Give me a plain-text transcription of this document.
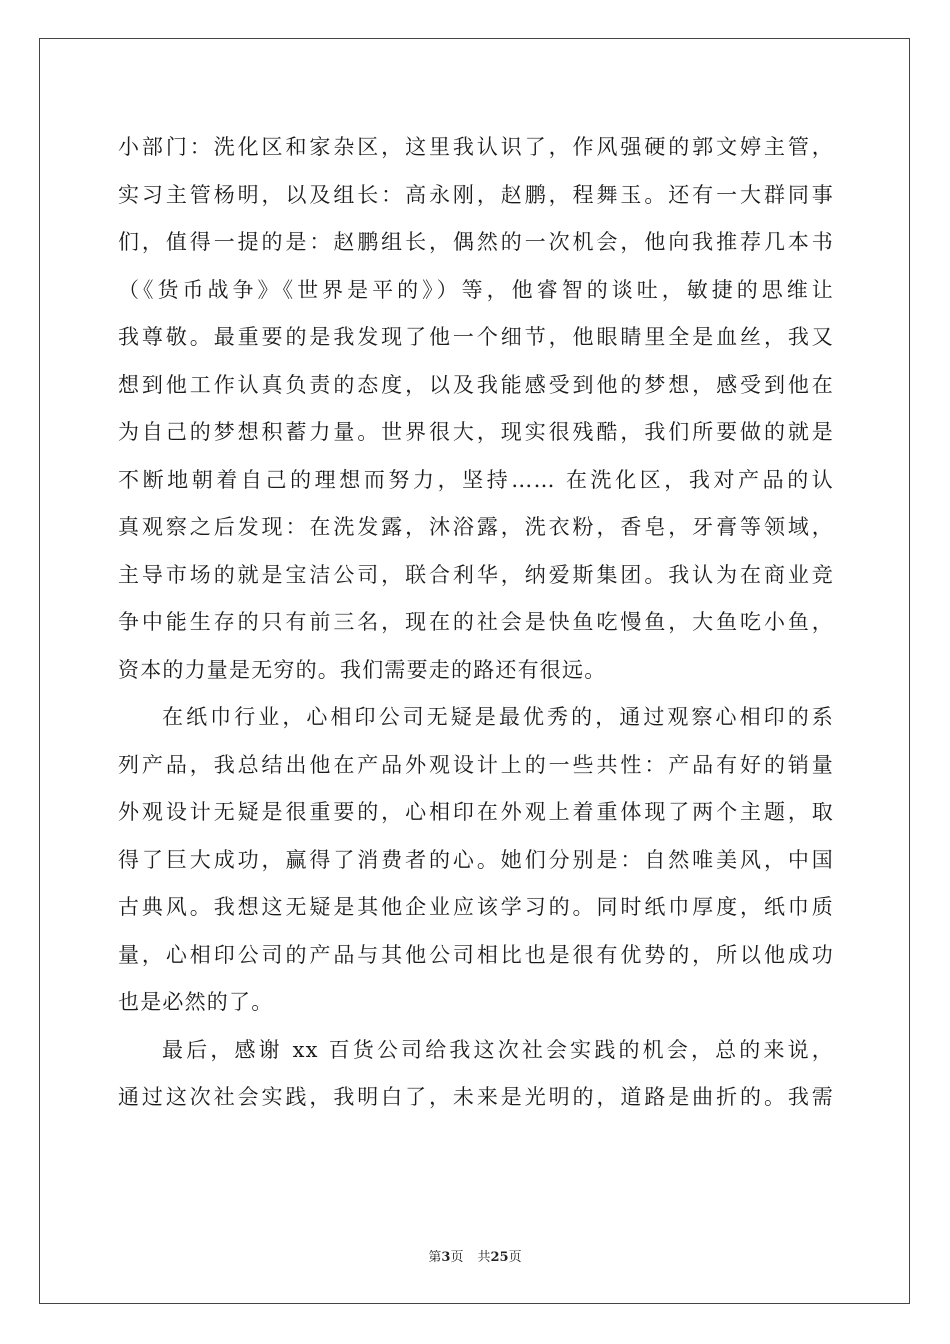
小部门：洗化区和家杂区，这里我认识了，作风强硬的郭文婷主管，
实习主管杨明，以及组长：高永刚，赵鹏，程舞玉。还有一大群同事
们，值得一提的是：赵鹏组长，偶然的一次机会，他向我推荐几本书
（《货币战争》《世界是平的》）等，他睿智的谈吐，敏捷的思维让
我尊敬。最重要的是我发现了他一个细节，他眼睛里全是血丝，我又
想到他工作认真负责的态度，以及我能感受到他的梦想，感受到他在
为自己的梦想积蓄力量。世界很大，现实很残酷，我们所要做的就是
不断地朝着自己的理想而努力，坚持…… 在洗化区，我对产品的认
真观察之后发现：在洗发露，沐浴露，洗衣粉，香皂，牙膏等领域，
主导市场的就是宝洁公司，联合利华，纳爱斯集团。我认为在商业竞
争中能生存的只有前三名，现在的社会是快鱼吃慢鱼，大鱼吃小鱼，
资本的力量是无穷的。我们需要走的路还有很远。
在纸巾行业，心相印公司无疑是最优秀的，通过观察心相印的系
列产品，我总结出他在产品外观设计上的一些共性：产品有好的销量
外观设计无疑是很重要的，心相印在外观上着重体现了两个主题，取
得了巨大成功，赢得了消费者的心。她们分别是：自然唯美风，中国
古典风。我想这无疑是其他企业应该学习的。同时纸巾厚度，纸巾质
量，心相印公司的产品与其他公司相比也是很有优势的，所以他成功
也是必然的了。
最后，感谢 xx 百货公司给我这次社会实践的机会，总的来说，
通过这次社会实践，我明白了，未来是光明的，道路是曲折的。我需
第3页 共25页
